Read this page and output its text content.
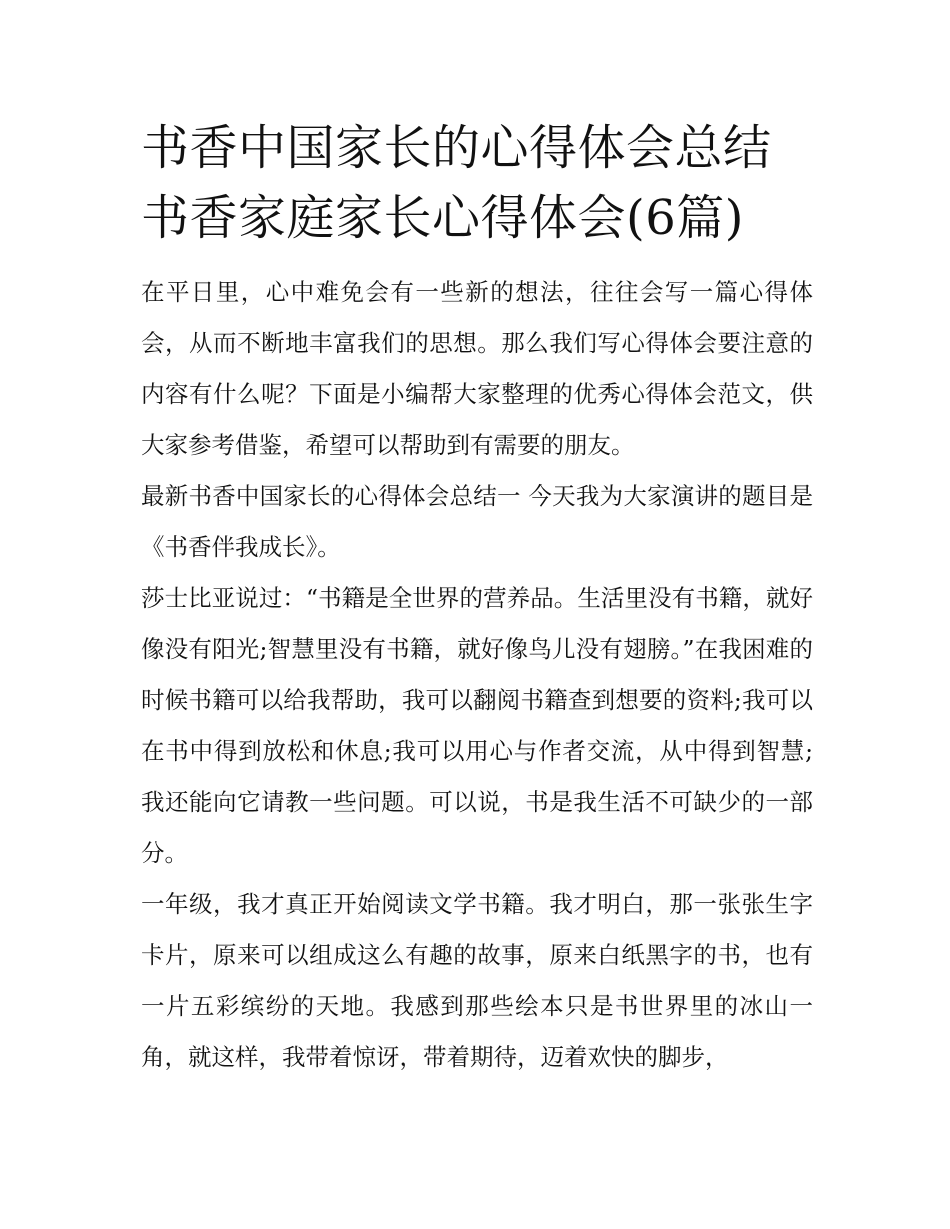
书香中国家长的心得体会总结
书香家庭家长心得体会(6篇)

在平日里，心中难免会有一些新的想法，往往会写一篇心得体会，从而不断地丰富我们的思想。那么我们写心得体会要注意的内容有什么呢？下面是小编帮大家整理的优秀心得体会范文，供大家参考借鉴，希望可以帮助到有需要的朋友。

最新书香中国家长的心得体会总结一 今天我为大家演讲的题目是《书香伴我成长》。

莎士比亚说过：“书籍是全世界的营养品。生活里没有书籍，就好像没有阳光;智慧里没有书籍，就好像鸟儿没有翅膀。”在我困难的时候书籍可以给我帮助，我可以翻阅书籍查到想要的资料;我可以在书中得到放松和休息;我可以用心与作者交流，从中得到智慧;我还能向它请教一些问题。可以说，书是我生活不可缺少的一部分。

一年级，我才真正开始阅读文学书籍。我才明白，那一张张生字卡片，原来可以组成这么有趣的故事，原来白纸黑字的书，也有一片五彩缤纷的天地。我感到那些绘本只是书世界里的冰山一角，就这样，我带着惊讶，带着期待，迈着欢快的脚步，
